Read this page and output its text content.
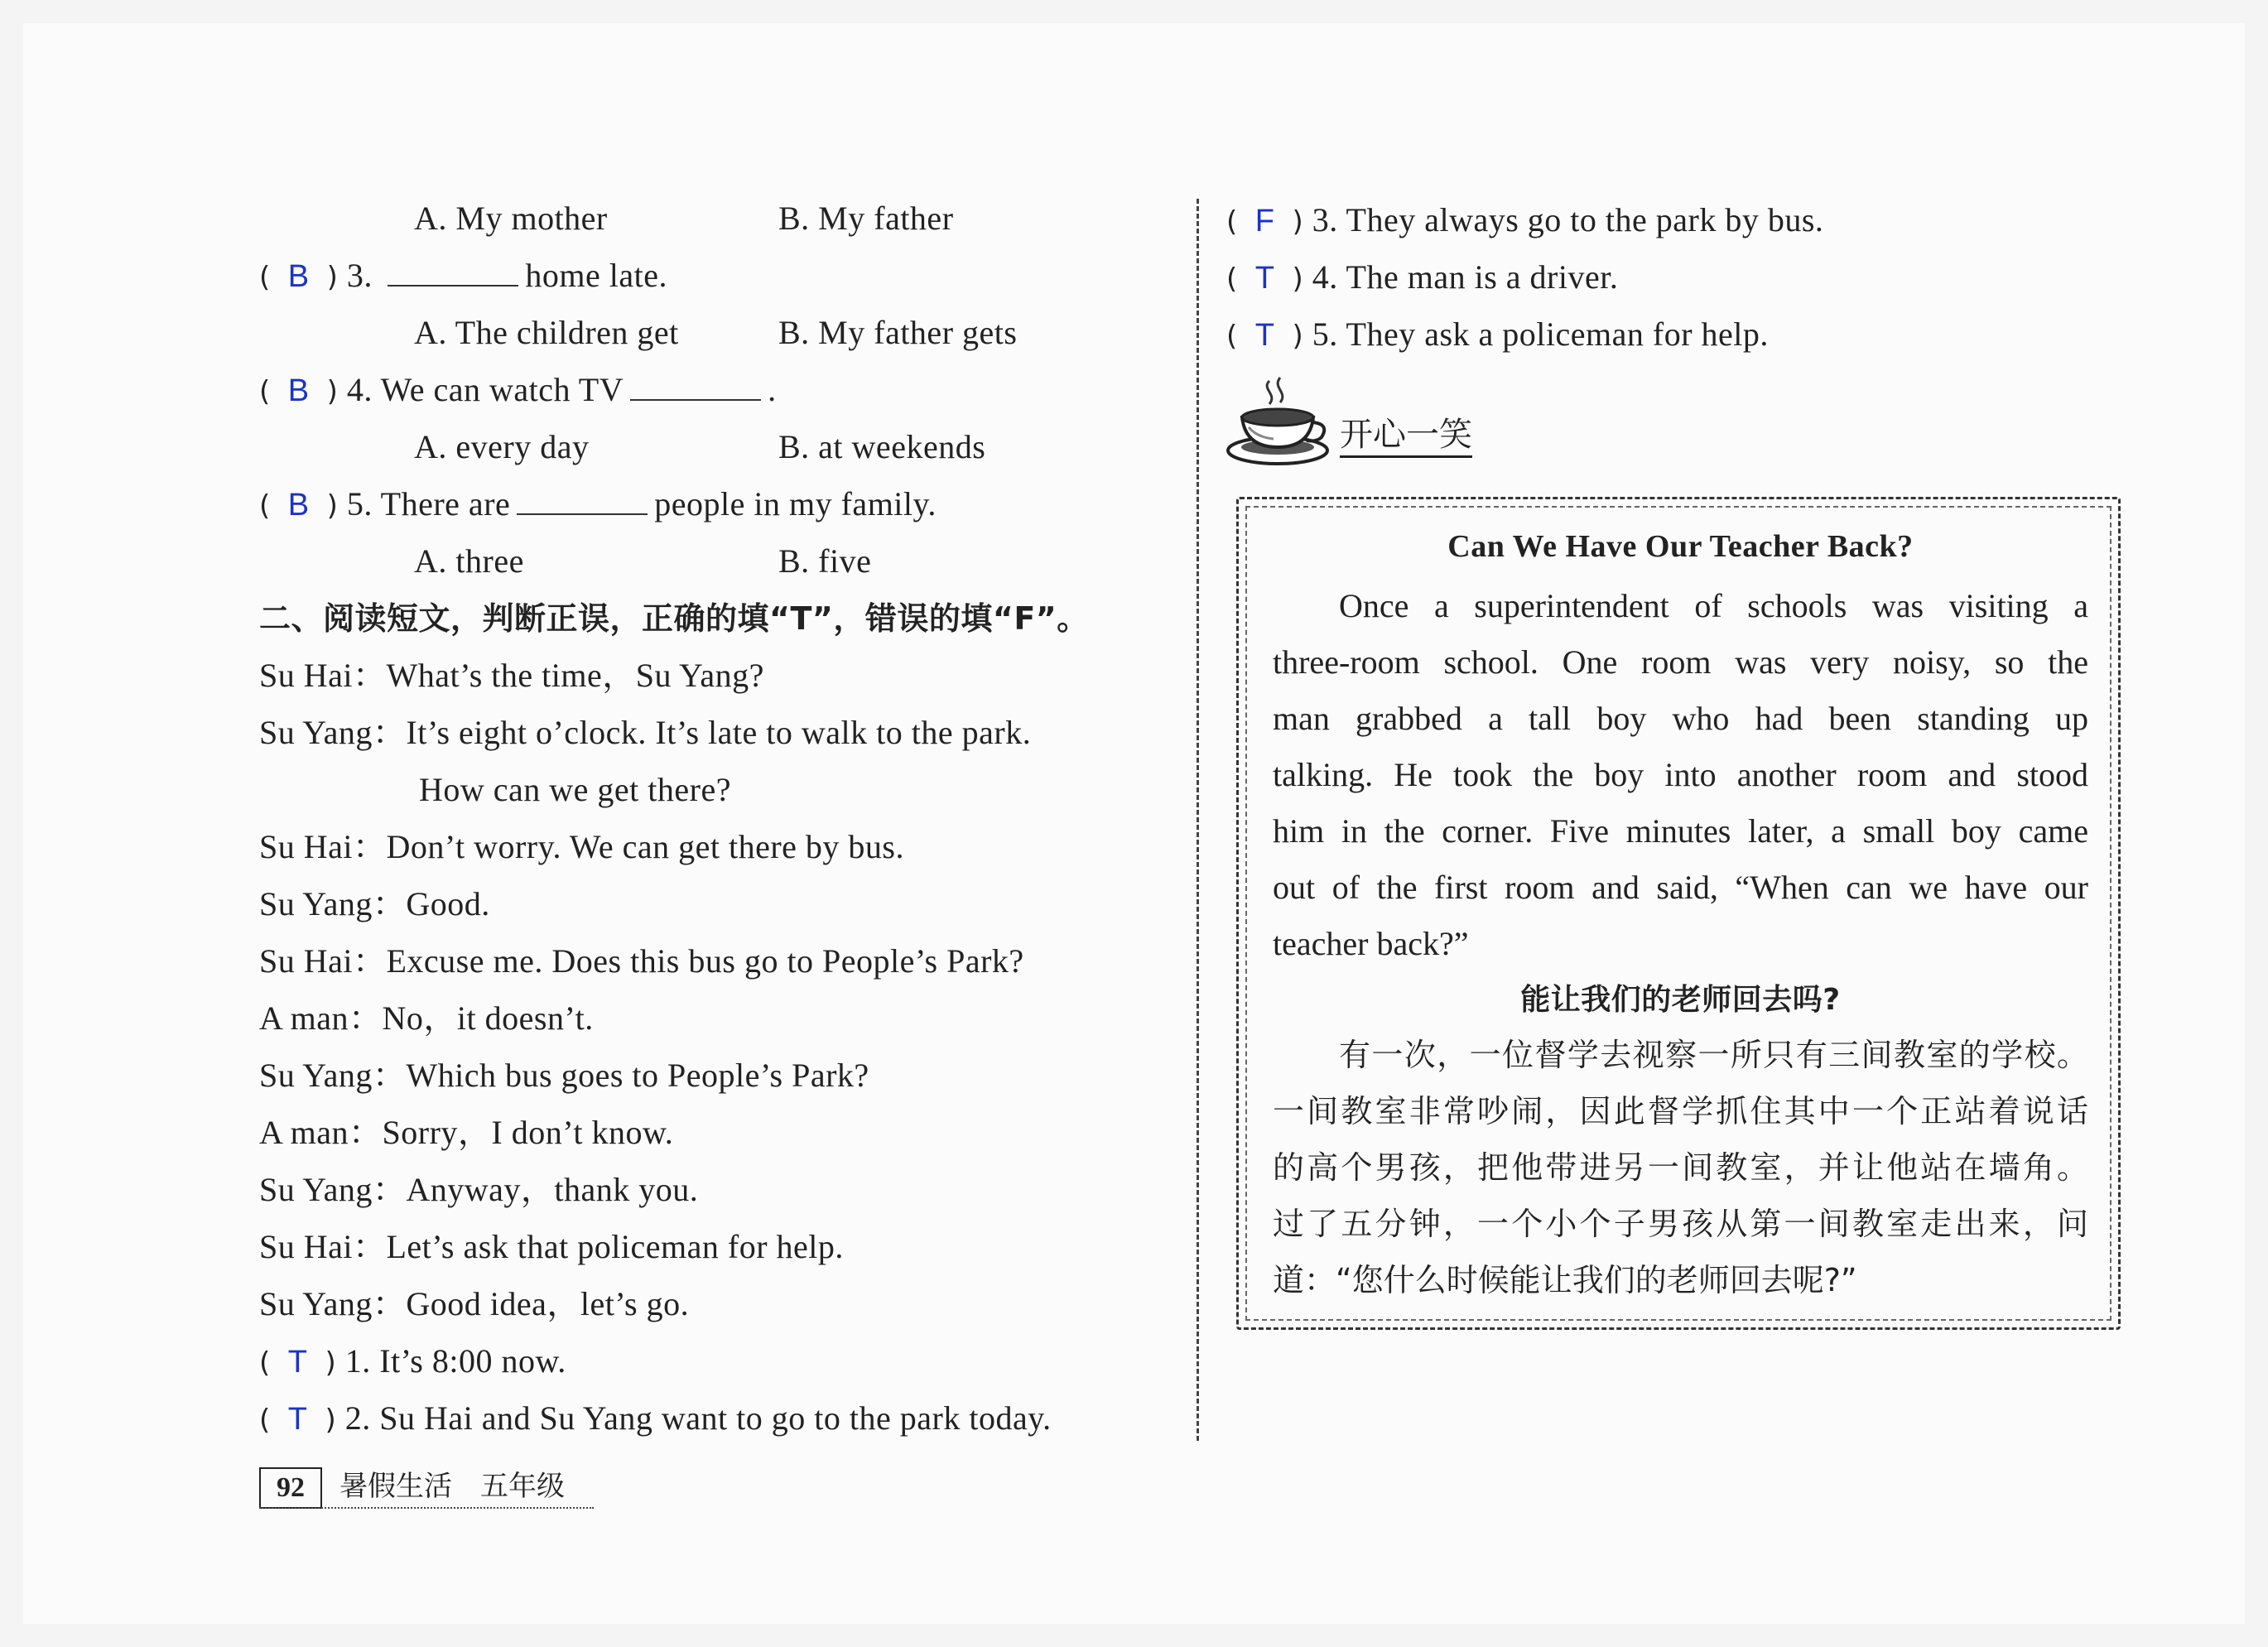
A. My mother	B. My father
( B ) 3.	home late.
A. The children get	B. My father gets
( B ) 4. We can watch TV	.
A. every day	B. at weekends
( B ) 5. There are	people in my family.
A. three	B. five
二、阅读短文，判断正误，正确的填“T”，错误的填“F”。
Su Hai：What’s the time，Su Yang?
Su Yang：It’s eight o’clock. It’s late to walk to the park.
How can we get there?
Su Hai：Don’t worry. We can get there by bus.
Su Yang：Good.
Su Hai：Excuse me. Does this bus go to People’s Park?
A man：No，it doesn’t.
Su Yang：Which bus goes to People’s Park?
A man：Sorry，I don’t know.
Su Yang：Anyway，thank you.
Su Hai：Let’s ask that policeman for help.
Su Yang：Good idea，let’s go.
( T ) 1. It’s 8:00 now.
( T ) 2. Su Hai and Su Yang want to go to the park today.
( F ) 3. They always go to the park by bus.
( T ) 4. The man is a driver.
( T ) 5. They ask a policeman for help.
开心一笑
Can We Have Our Teacher Back?
Once a superintendent of schools was visiting a
three-room school. One room was very noisy, so the
man grabbed a tall boy who had been standing up
talking. He took the boy into another room and stood
him in the corner. Five minutes later, a small boy came
out of the first room and said, “When can we have our
teacher back?”
能让我们的老师回去吗?
有一次，一位督学去视察一所只有三间教室的学校。
一间教室非常吵闹，因此督学抓住其中一个正站着说话
的高个男孩，把他带进另一间教室，并让他站在墙角。
过了五分钟，一个小个子男孩从第一间教室走出来，问
道：“您什么时候能让我们的老师回去呢?”
92	暑假生活　五年级
